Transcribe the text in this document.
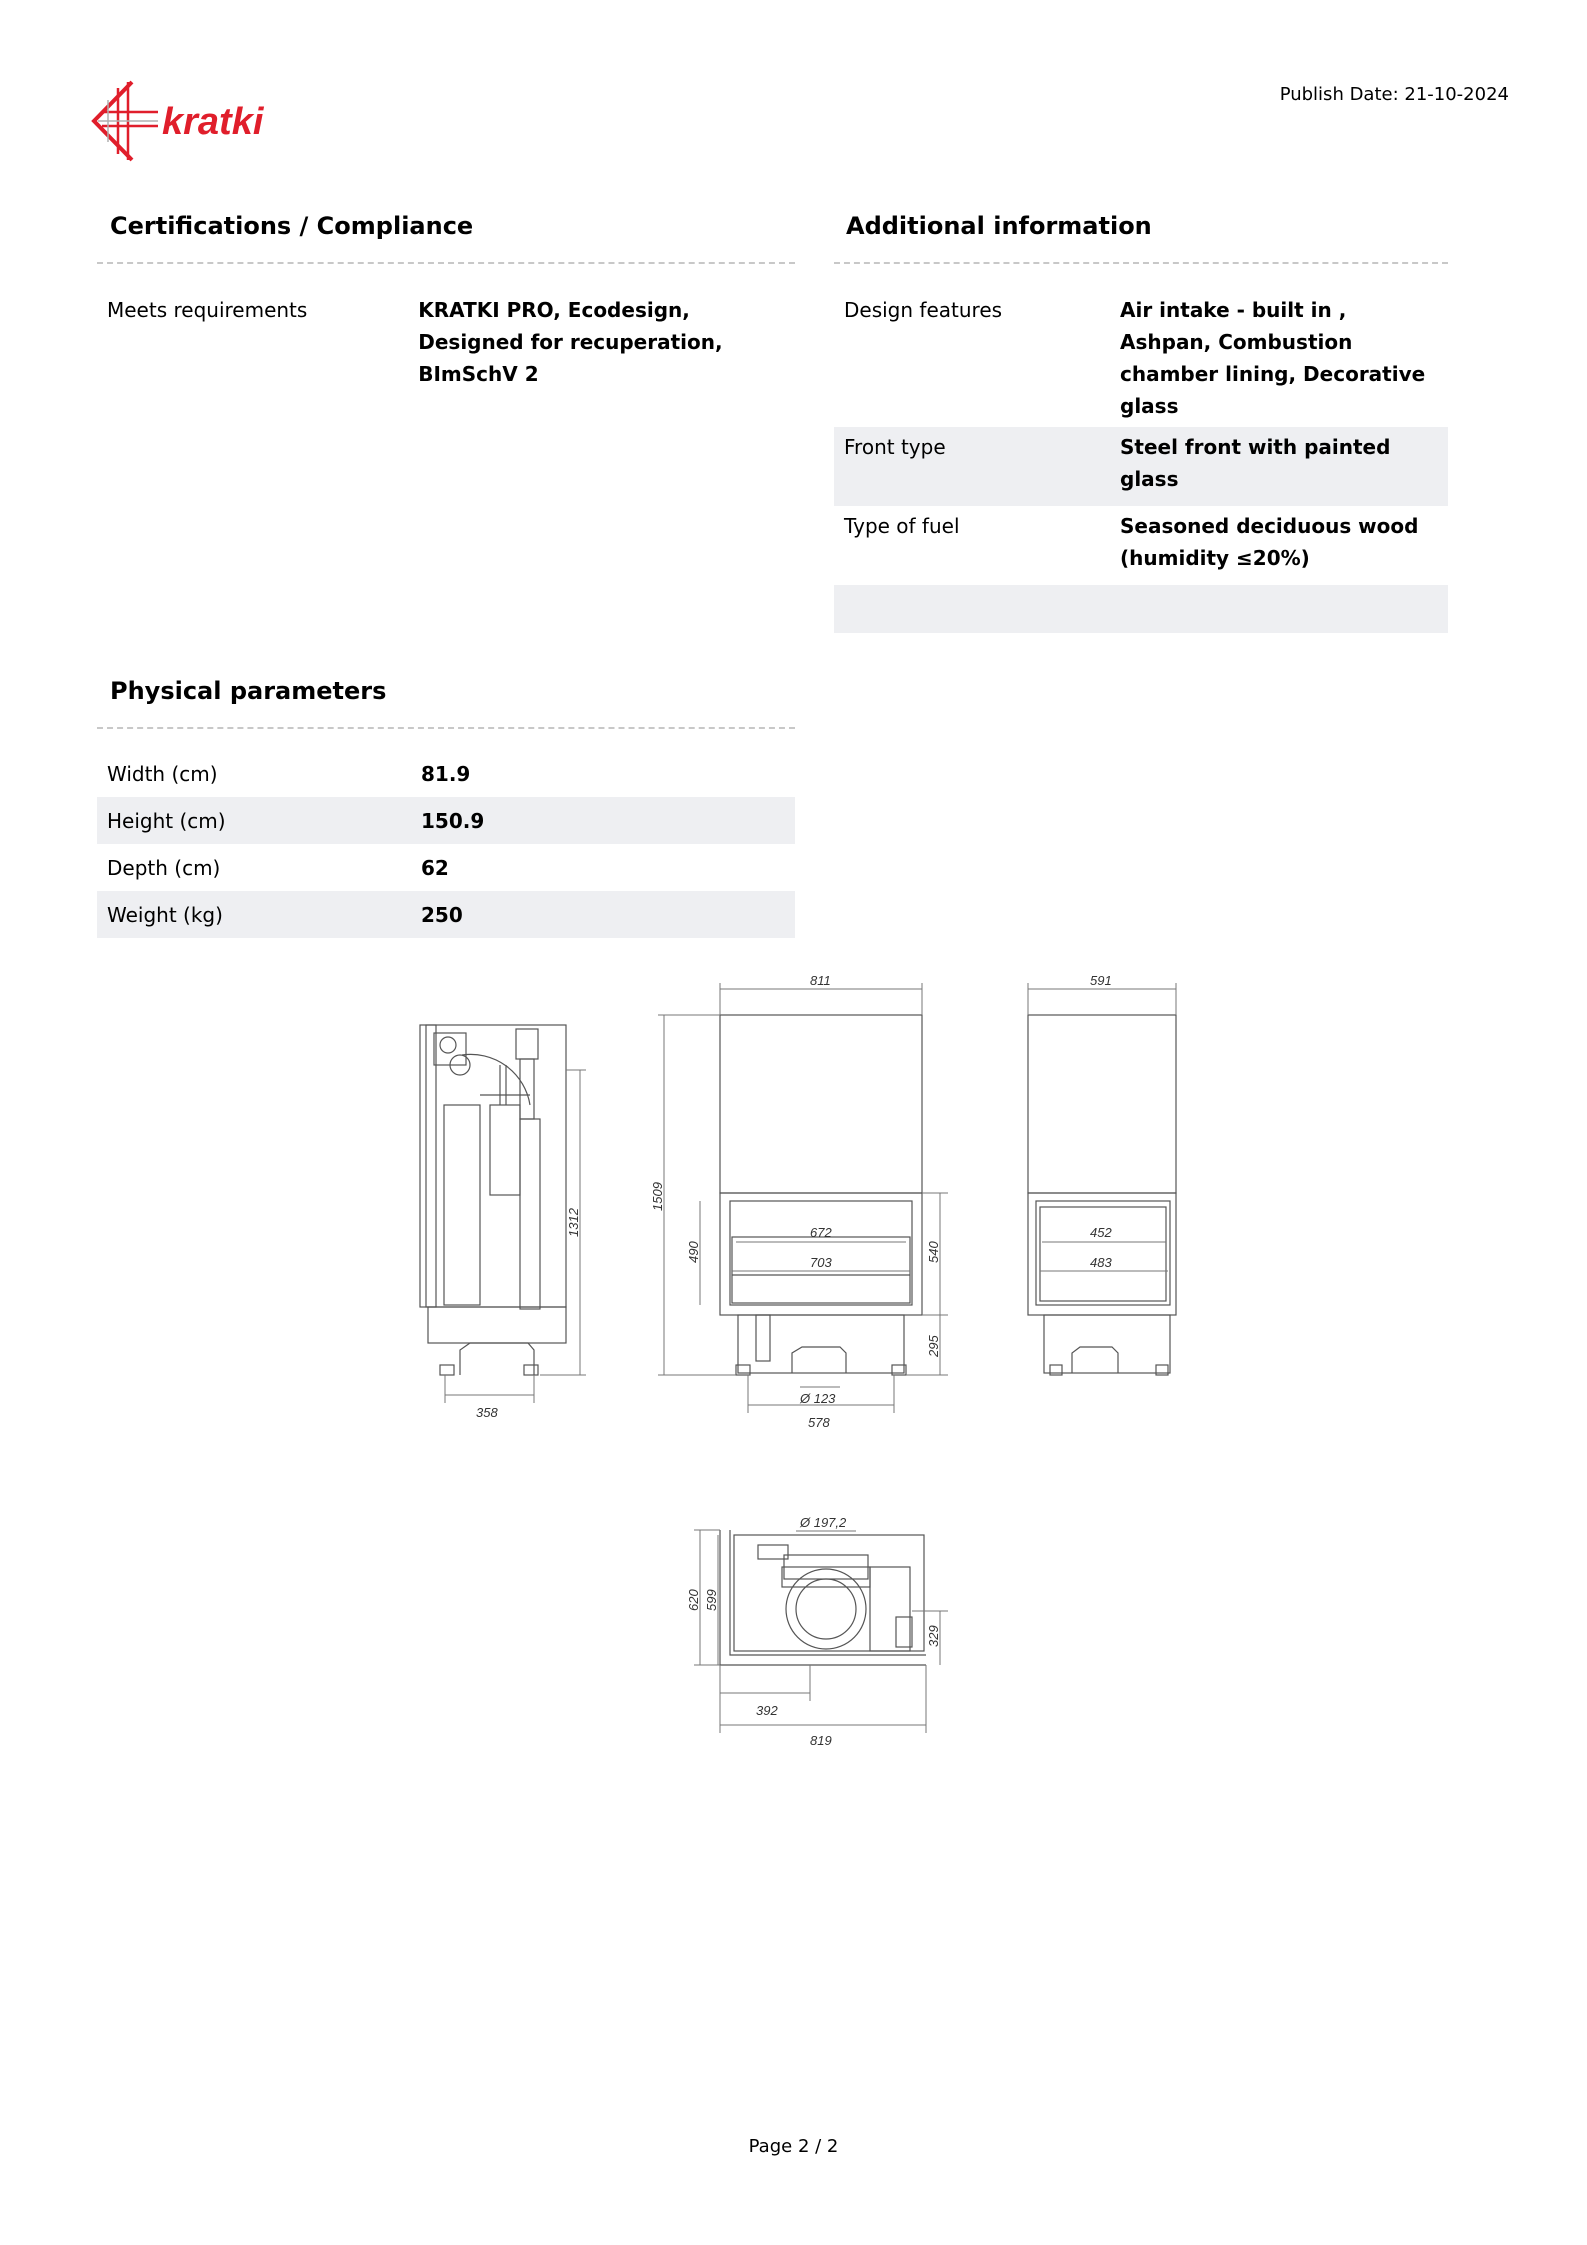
kratki
Publish Date: 21-10-2024
Certifications / Compliance
Meets requirements	KRATKI PRO, Ecodesign,
Designed for recuperation,
BImSchV 2
Additional information
Design features	Air intake - built in ,
Ashpan, Combustion
chamber lining, Decorative
glass
Front type	Steel front with painted
glass
Type of fuel	Seasoned deciduous wood
(humidity ≤20%)
Physical parameters
Width (cm)	81.9
Height (cm)	150.9
Depth (cm)	62
Weight (kg)	250
1312
358
1509
811
672
703
490	540
295
Ø 123
578
591
452
483
Ø 197,2
620 599
329
392
819
Page 2 / 2
